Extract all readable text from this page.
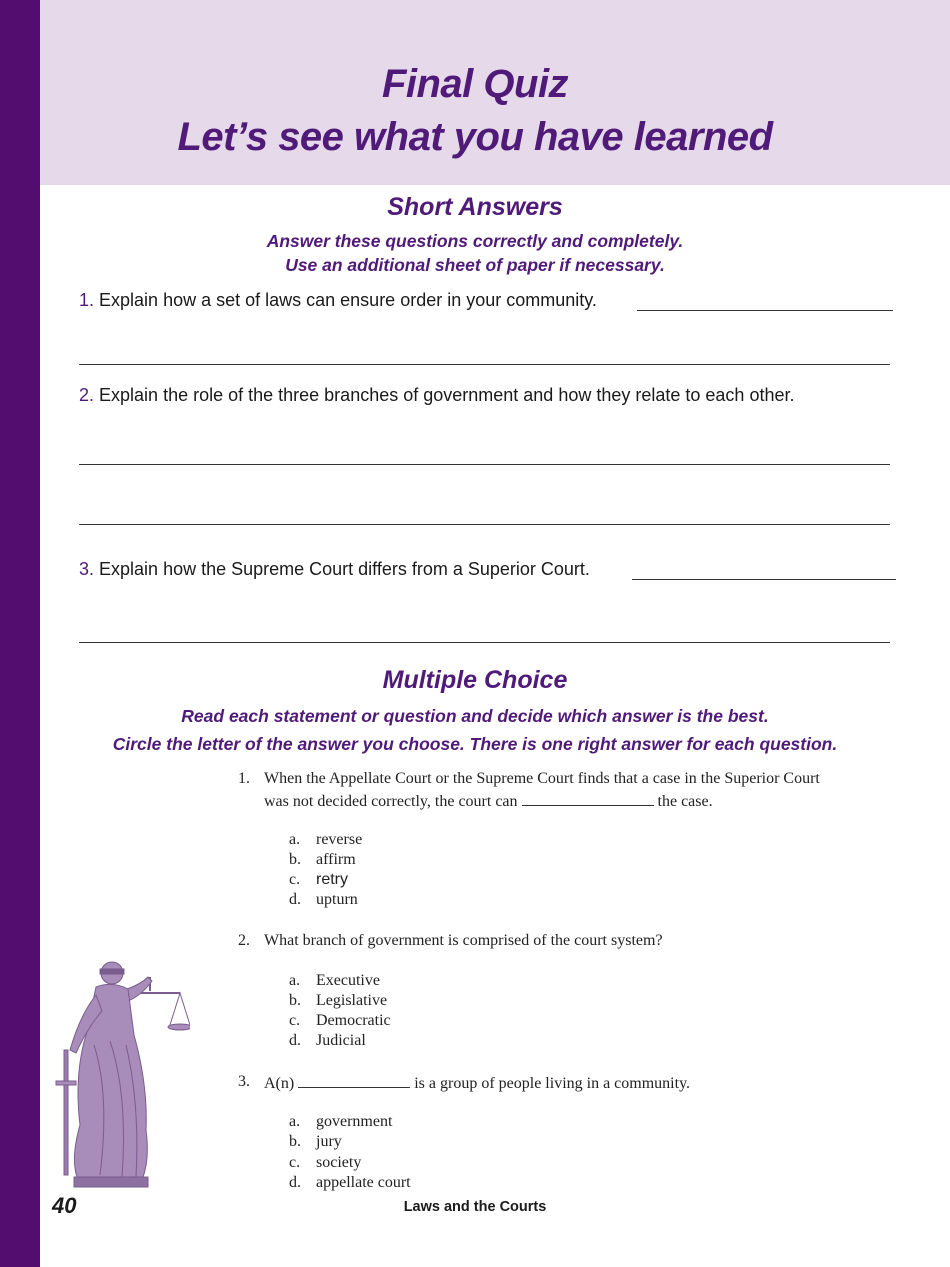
Final Quiz
Let’s see what you have learned
Short Answers
Answer these questions correctly and completely.
Use an additional sheet of paper if necessary.
1. Explain how a set of laws can ensure order in your community.
2. Explain the role of the three branches of government and how they relate to each other.
3. Explain how the Supreme Court differs from a Superior Court.
Multiple Choice
Read each statement or question and decide which answer is the best.
Circle the letter of the answer you choose. There is one right answer for each question.
1. When the Appellate Court or the Supreme Court finds that a case in the Superior Court
was not decided correctly, the court can	the case.
a. reverse
b. affirm
c. retry
d. upturn
2. What branch of government is comprised of the court system?
a. Executive
b. Legislative
c. Democratic
d. Judicial
3. A(n)	is a group of people living in a community.
a. government
b. jury
c. society
d. appellate court
40	Laws and the Courts
